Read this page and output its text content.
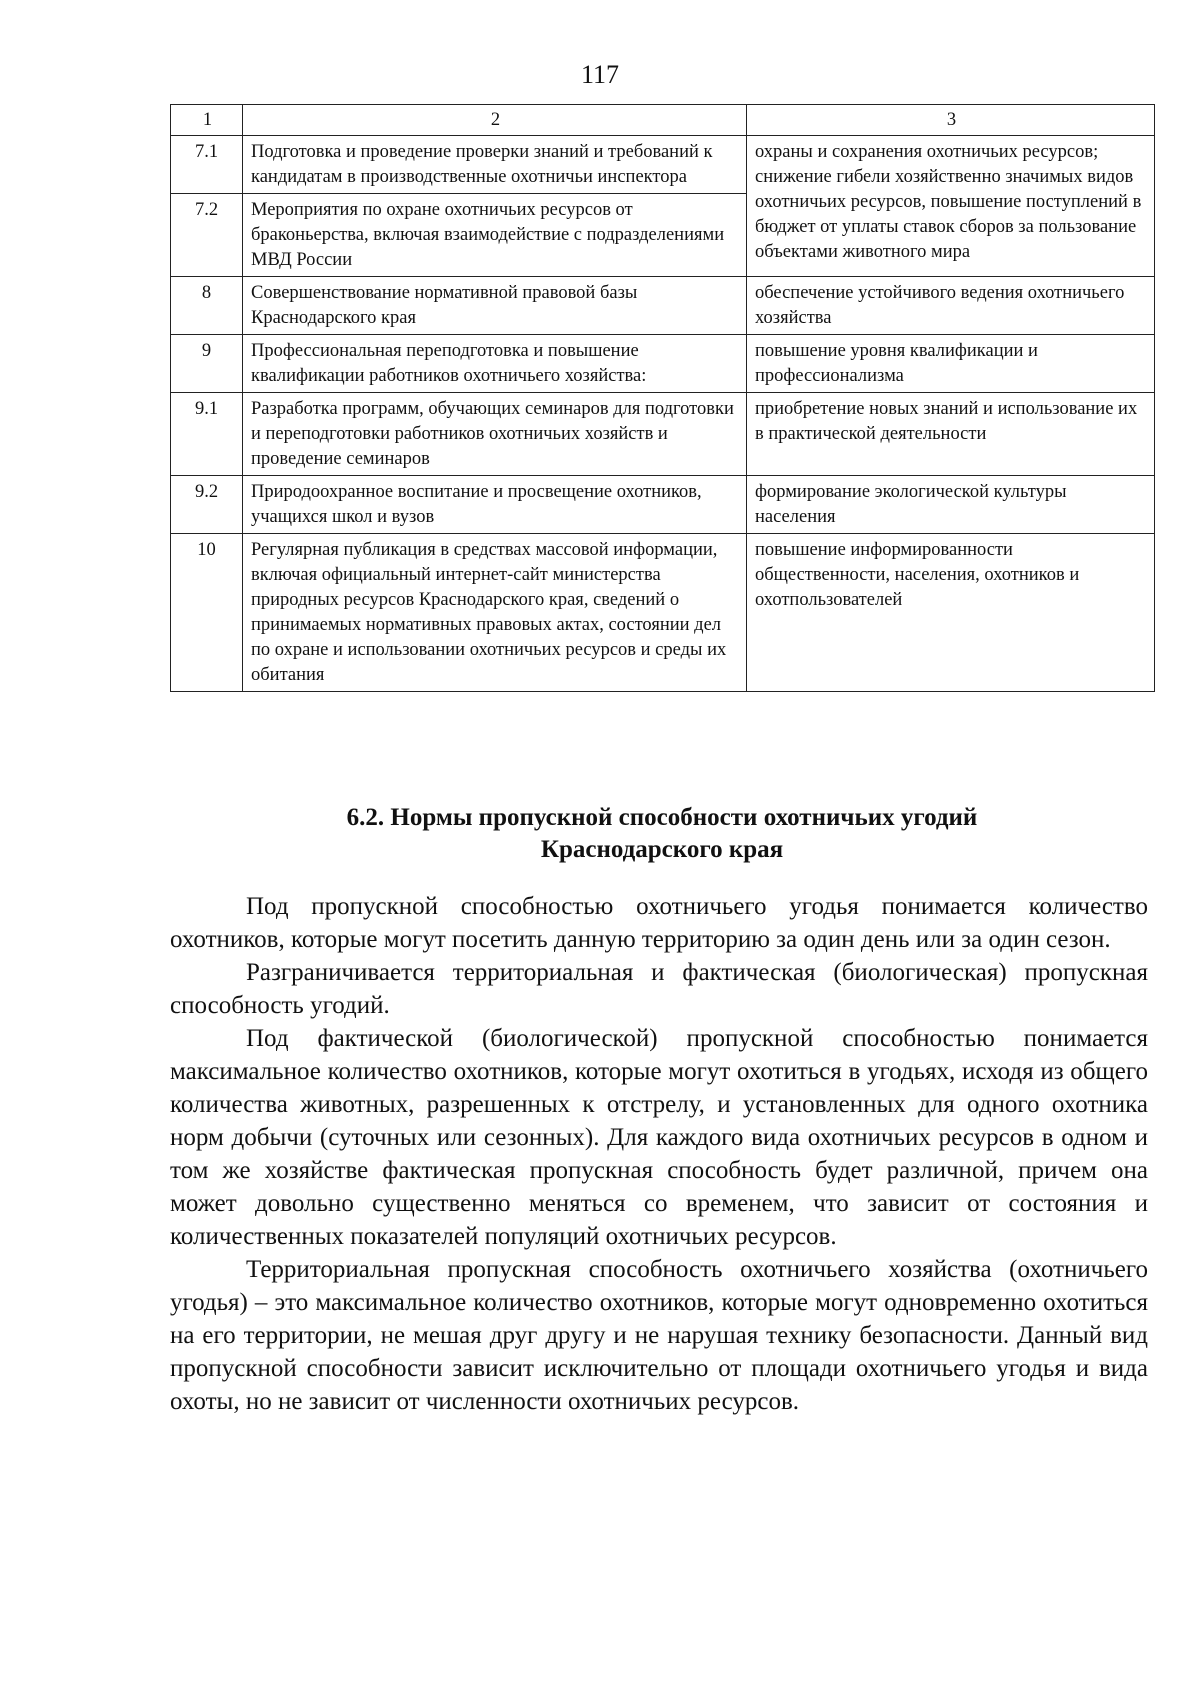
117
1	2	3
7.1	Подготовка и проведение проверки знаний и требований к кандидатам в производственные охотничьи инспектора	охраны и сохранения охотничьих ресурсов; снижение гибели хозяйственно значимых видов охотничьих ресурсов, повышение поступлений в бюджет от уплаты ставок сборов за пользование объектами животного мира
7.2	Мероприятия по охране охотничьих ресурсов от браконьерства, включая взаимодействие с подразделениями МВД России	
8	Совершенствование нормативной правовой базы Краснодарского края	обеспечение устойчивого ведения охотничьего хозяйства
9	Профессиональная переподготовка и повышение квалификации работников охотничьего хозяйства:	повышение уровня квалификации и профессионализма
9.1	Разработка программ, обучающих семинаров для подготовки и переподготовки работников охотничьих хозяйств и проведение семинаров	приобретение новых знаний и использование их в практической деятельности
9.2	Природоохранное воспитание и просвещение охотников, учащихся школ и вузов	формирование экологической культуры населения
10	Регулярная публикация в средствах массовой информации, включая официальный интернет-сайт министерства природных ресурсов Краснодарского края, сведений о принимаемых нормативных правовых актах, состоянии дел по охране и использовании охотничьих ресурсов и среды их обитания	повышение информированности общественности, населения, охотников и охотпользователей
6.2. Нормы пропускной способности охотничьих угодий
Краснодарского края

Под пропускной способностью охотничьего угодья понимается количество охотников, которые могут посетить данную территорию за один день или за один сезон.

Разграничивается территориальная и фактическая (биологическая) пропускная способность угодий.

Под фактической (биологической) пропускной способностью понимается максимальное количество охотников, которые могут охотиться в угодьях, исходя из общего количества животных, разрешенных к отстрелу, и установленных для одного охотника норм добычи (суточных или сезонных). Для каждого вида охотничьих ресурсов в одном и том же хозяйстве фактическая пропускная способность будет различной, причем она может довольно существенно меняться со временем, что зависит от состояния и количественных показателей популяций охотничьих ресурсов.

Территориальная пропускная способность охотничьего хозяйства (охотничьего угодья) – это максимальное количество охотников, которые могут одновременно охотиться на его территории, не мешая друг другу и не нарушая технику безопасности. Данный вид пропускной способности зависит исключительно от площади охотничьего угодья и вида охоты, но не зависит от численности охотничьих ресурсов.
